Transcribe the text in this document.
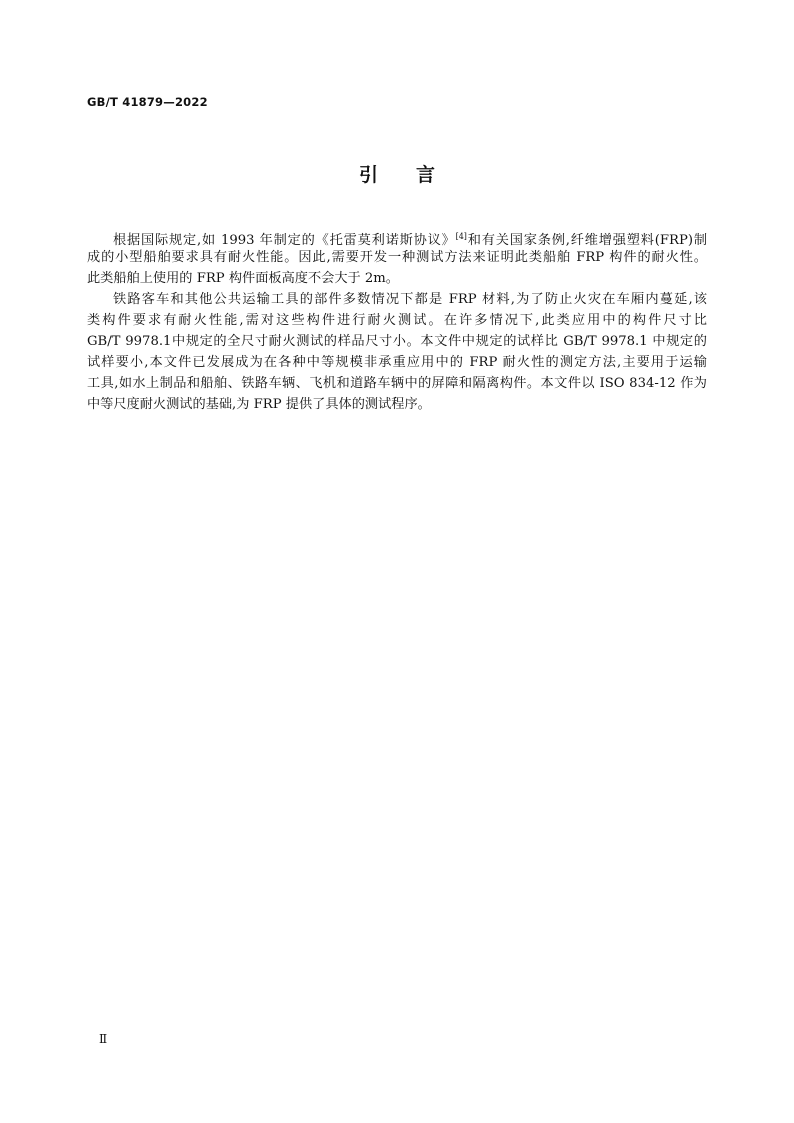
GB/T 41879—2022
引 言
根据国际规定,如 1993 年制定的《托雷莫利诺斯协议》[4]和有关国家条例,纤维增强塑料(FRP)制
成的小型船舶要求具有耐火性能。因此,需要开发一种测试方法来证明此类船舶 FRP 构件的耐火性。
此类船舶上使用的 FRP 构件面板高度不会大于 2m。
铁路客车和其他公共运输工具的部件多数情况下都是 FRP 材料,为了防止火灾在车厢内蔓延,该
类构件要求有耐火性能,需对这些构件进行耐火测试。在许多情况下,此类应用中的构件尺寸比
GB/T 9978.1中规定的全尺寸耐火测试的样品尺寸小。本文件中规定的试样比 GB/T 9978.1 中规定的
试样要小,本文件已发展成为在各种中等规模非承重应用中的 FRP 耐火性的测定方法,主要用于运输
工具,如水上制品和船舶、铁路车辆、飞机和道路车辆中的屏障和隔离构件。本文件以 ISO 834-12 作为
中等尺度耐火测试的基础,为 FRP 提供了具体的测试程序。
Ⅱ
